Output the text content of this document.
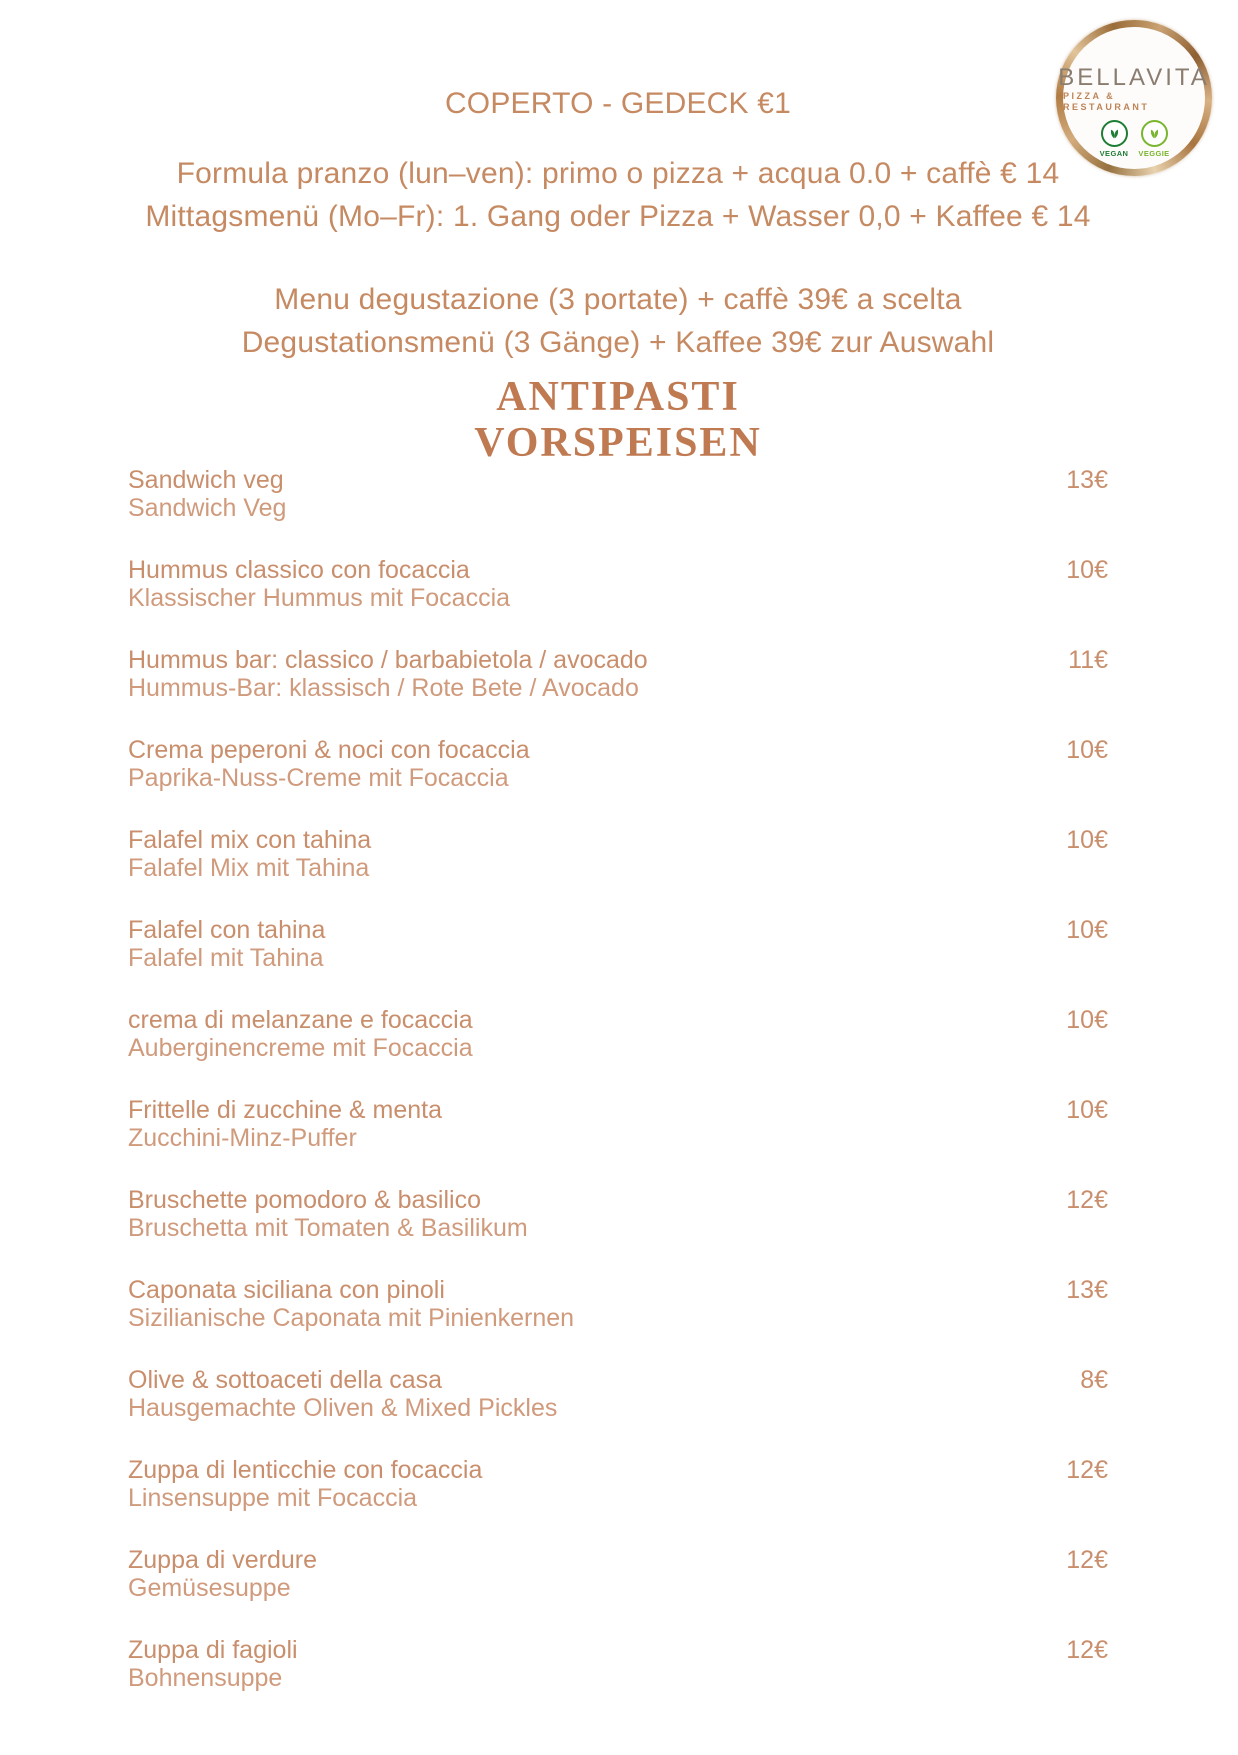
BELLAVITA
PIZZA & RESTAURANT
VEGAN VEGGIE
COPERTO - GEDECK €1
Formula pranzo (lun–ven): primo o pizza + acqua 0.0 + caffè € 14
Mittagsmenü (Mo–Fr): 1. Gang oder Pizza + Wasser 0,0 + Kaffee € 14
Menu degustazione (3 portate) + caffè 39€ a scelta
Degustationsmenü (3 Gänge) + Kaffee 39€ zur Auswahl
ANTIPASTI
VORSPEISEN
Sandwich veg
Sandwich Veg
13€
Hummus classico con focaccia
Klassischer Hummus mit Focaccia
10€
Hummus bar: classico / barbabietola / avocado
Hummus-Bar: klassisch / Rote Bete / Avocado
11€
Crema peperoni & noci con focaccia
Paprika-Nuss-Creme mit Focaccia
10€
Falafel mix con tahina
Falafel Mix mit Tahina
10€
Falafel con tahina
Falafel mit Tahina
10€
crema di melanzane e focaccia
Auberginencreme mit Focaccia
10€
Frittelle di zucchine & menta
Zucchini-Minz-Puffer
10€
Bruschette pomodoro & basilico
Bruschetta mit Tomaten & Basilikum
12€
Caponata siciliana con pinoli
Sizilianische Caponata mit Pinienkernen
13€
Olive & sottoaceti della casa
Hausgemachte Oliven & Mixed Pickles
8€
Zuppa di lenticchie con focaccia
Linsensuppe mit Focaccia
12€
Zuppa di verdure
Gemüsesuppe
12€
Zuppa di fagioli
Bohnensuppe
12€
